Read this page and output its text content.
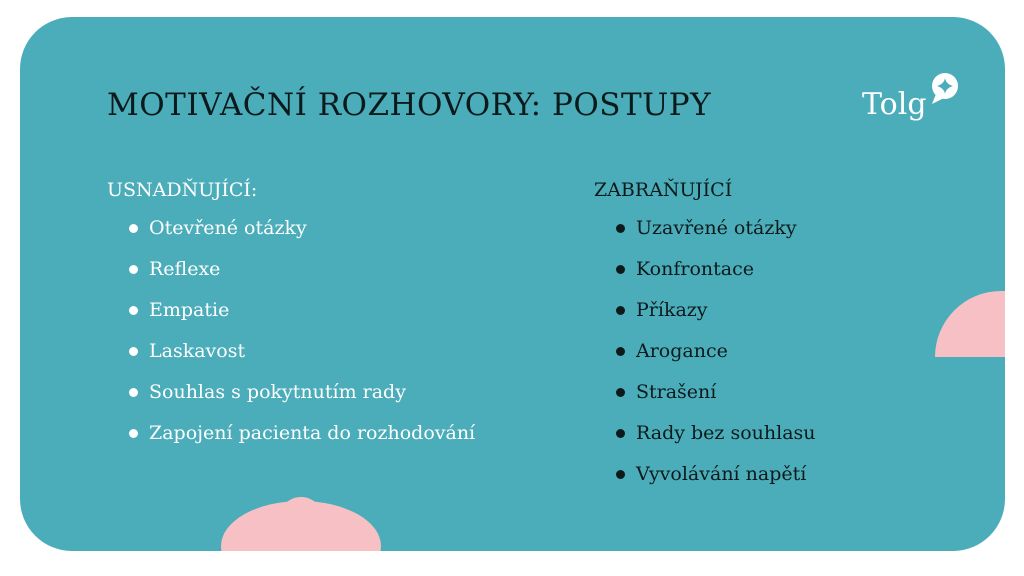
MOTIVAČNÍ ROZHOVORY: POSTUPY	Tolg
USNADŇUJÍCÍ:
Otevřené otázky
Reflexe
Empatie
Laskavost
Souhlas s pokytnutím rady
Zapojení pacienta do rozhodování
ZABRAŇUJÍCÍ
Uzavřené otázky
Konfrontace
Příkazy
Arogance
Strašení
Rady bez souhlasu
Vyvolávání napětí
